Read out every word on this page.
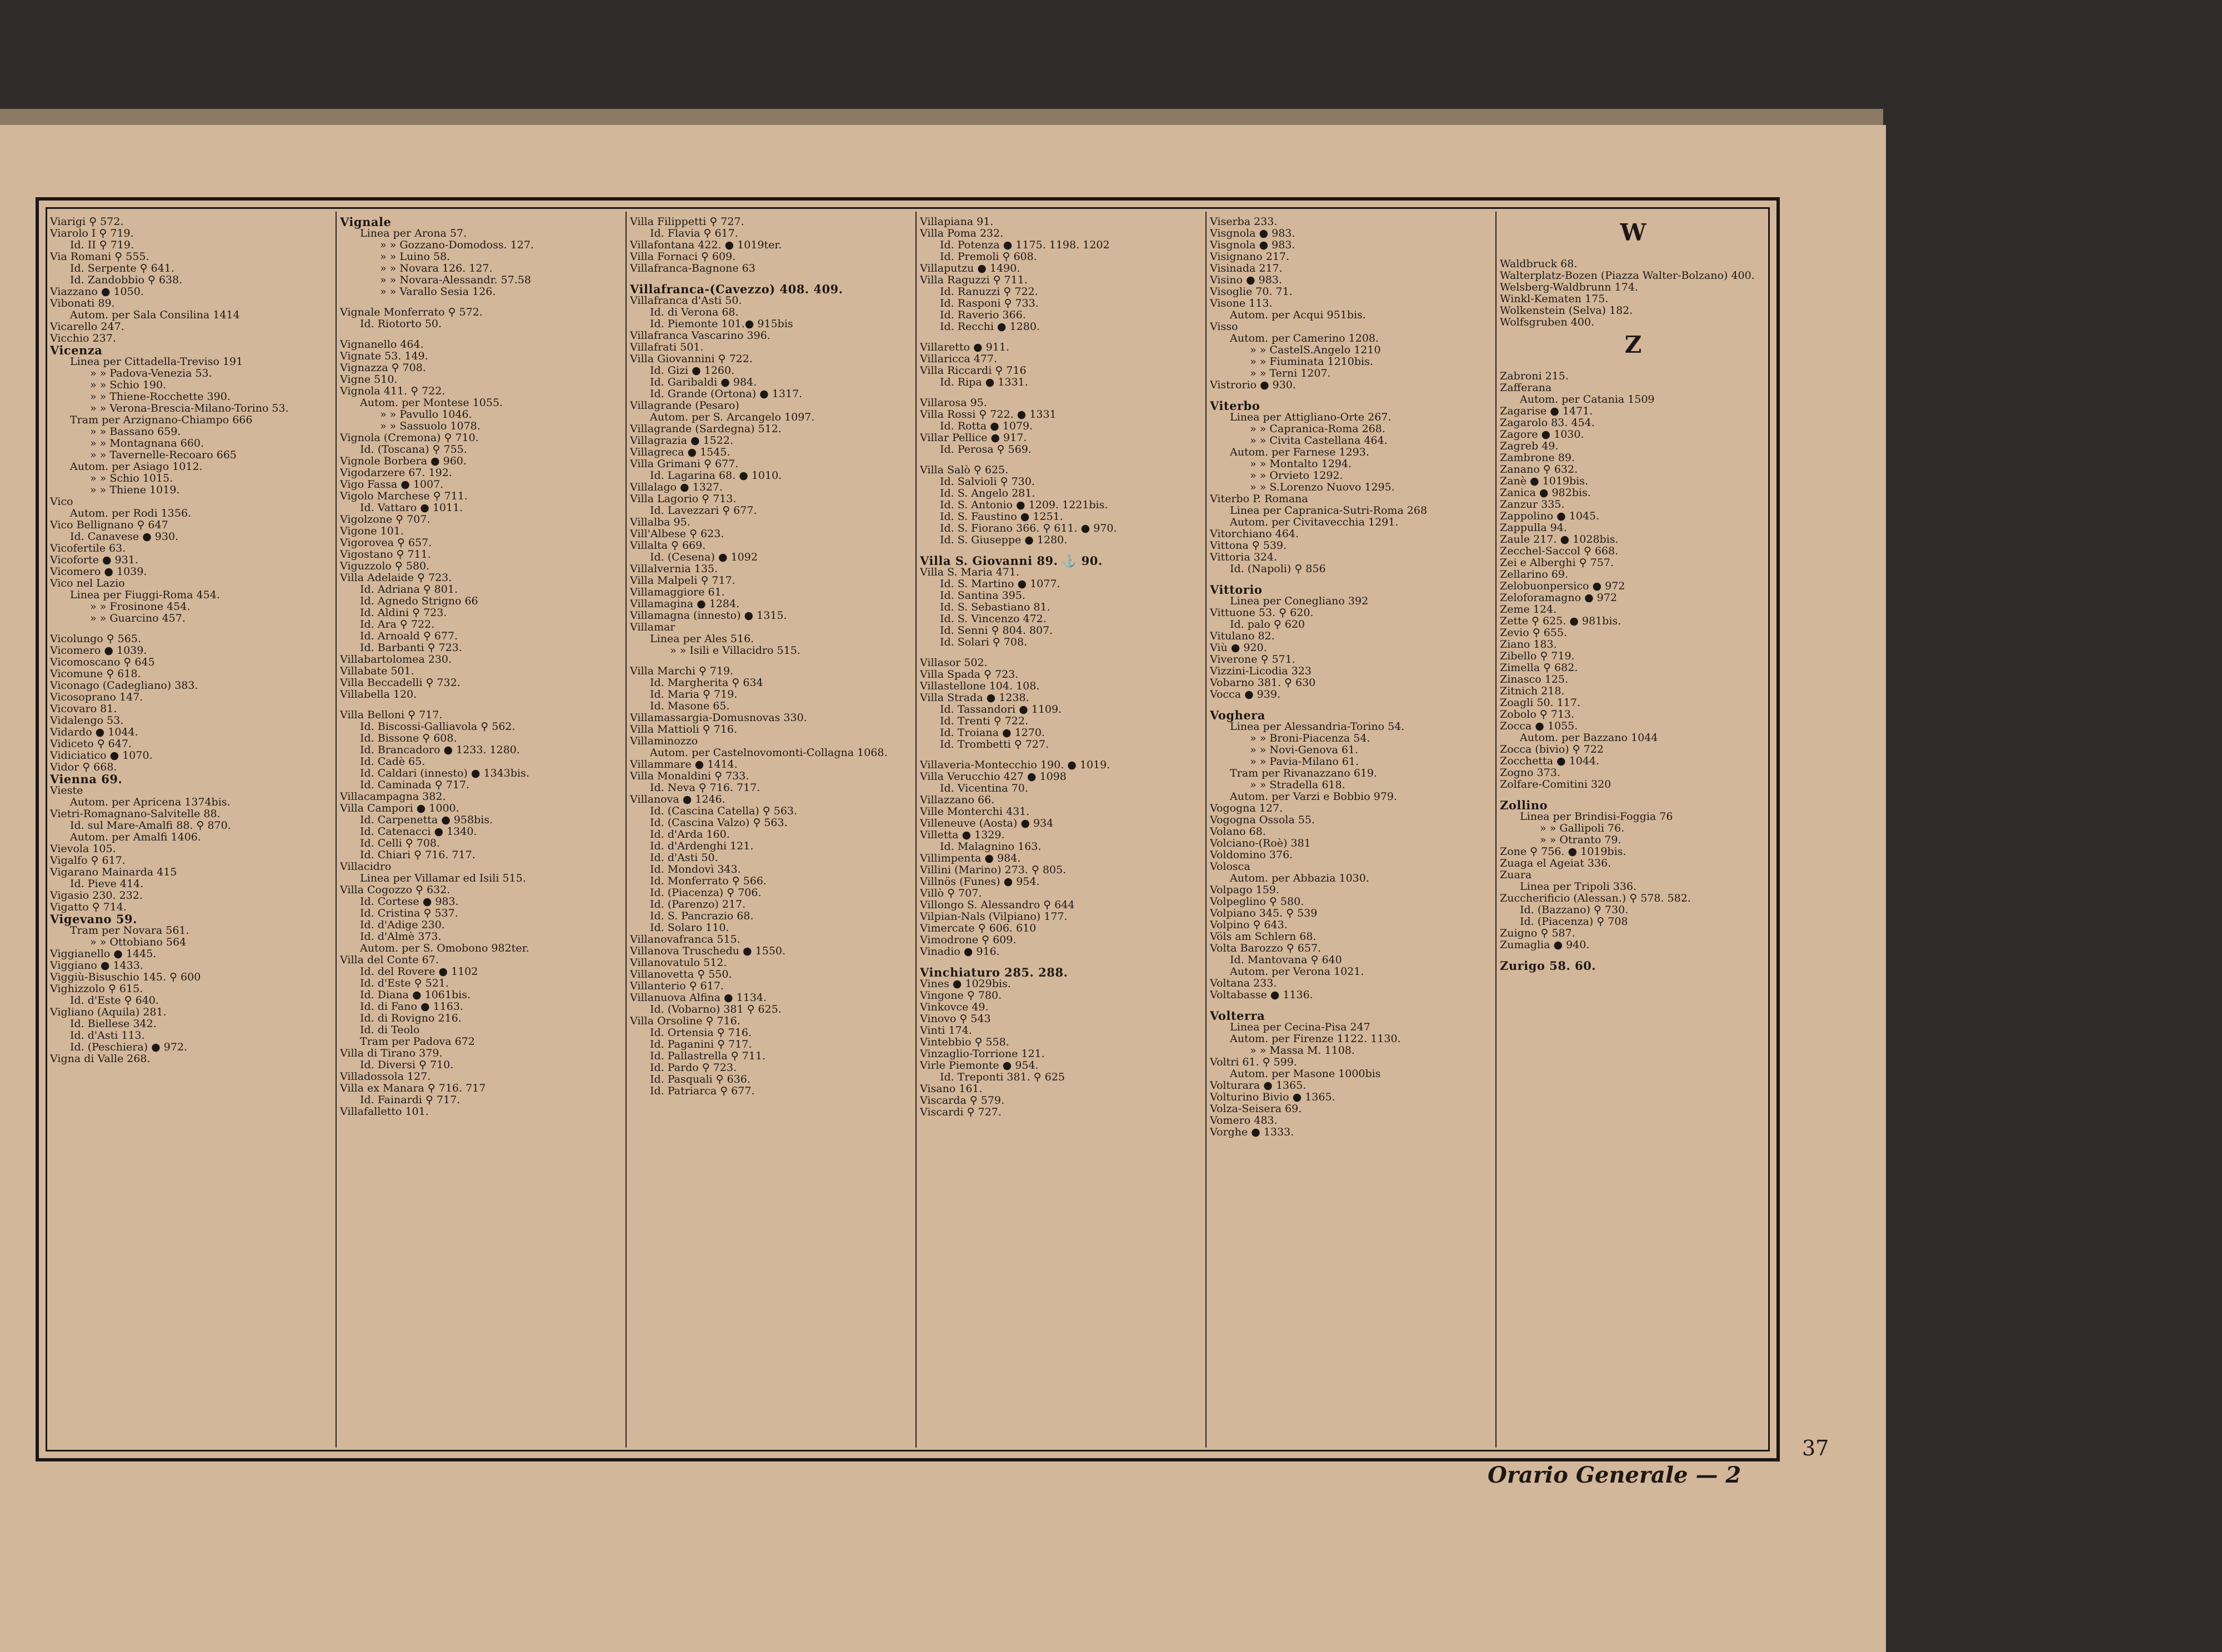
Viarigi ⚲ 572.
Viarolo I ⚲ 719.
Id. II ⚲ 719.
Via Romani ⚲ 555.
Id. Serpente ⚲ 641.
Id. Zandobbio ⚲ 638.
Viazzano ● 1050.
Vibonati 89.
Autom. per Sala Consilina 1414
Vicarello 247.
Vicchio 237.
Vicenza
Linea per Cittadella-Treviso 191
» » Padova-Venezia 53.
» » Schio 190.
» » Thiene-Rocchette 390.
» » Verona-Brescia-Milano-Torino 53.
Tram per Arzignano-Chiampo 666
» » Bassano 659.
» » Montagnana 660.
» » Tavernelle-Recoaro 665
Autom. per Asiago 1012.
» » Schio 1015.
» » Thiene 1019.
Vico
Autom. per Rodi 1356.
Vico Bellignano ⚲ 647
Id. Canavese ● 930.
Vicofertile 63.
Vicoforte ● 931.
Vicomero ● 1039.
Vico nel Lazio
Linea per Fiuggi-Roma 454.
» » Frosinone 454.
» » Guarcino 457.
Vicolungo ⚲ 565.
Vicomero ● 1039.
Vicomoscano ⚲ 645
Vicomune ⚲ 618.
Viconago (Cadegliano) 383.
Vicosoprano 147.
Vicovaro 81.
Vidalengo 53.
Vidardo ● 1044.
Vidiceto ⚲ 647.
Vidiciatico ● 1070.
Vidor ⚲ 668.
Vienna 69.
Vieste
Autom. per Apricena 1374bis.
Vietri-Romagnano-Salvitelle 88.
Id. sul Mare-Amalfi 88. ⚲ 870.
Autom. per Amalfi 1406.
Vievola 105.
Vigalfo ⚲ 617.
Vigarano Mainarda 415
Id. Pieve 414.
Vigasio 230. 232.
Vigatto ⚲ 714.
Vigevano 59.
Tram per Novara 561.
» » Ottobiano 564
Viggianello ● 1445.
Viggiano ● 1433.
Viggiù-Bisuschio 145. ⚲ 600
Vighizzolo ⚲ 615.
Id. d'Este ⚲ 640.
Vigliano (Aquila) 281.
Id. Biellese 342.
Id. d'Asti 113.
Id. (Peschiera) ● 972.
Vigna di Valle 268.
Vignale
Linea per Arona 57.
» » Gozzano-Domodoss. 127.
» » Luino 58.
» » Novara 126. 127.
» » Novara-Alessandr. 57.58
» » Varallo Sesia 126.
Vignale Monferrato ⚲ 572.
Id. Riotorto 50.
Vignanello 464.
Vignate 53. 149.
Vignazza ⚲ 708.
Vigne 510.
Vignola 411. ⚲ 722.
Autom. per Montese 1055.
» » Pavullo 1046.
» » Sassuolo 1078.
Vignola (Cremona) ⚲ 710.
Id. (Toscana) ⚲ 755.
Vignole Borbera ● 960.
Vigodarzere 67. 192.
Vigo Fassa ● 1007.
Vigolo Marchese ⚲ 711.
Id. Vattaro ● 1011.
Vigolzone ⚲ 707.
Vigone 101.
Vigorovea ⚲ 657.
Vigostano ⚲ 711.
Viguzzolo ⚲ 580.
Villa Adelaide ⚲ 723.
Id. Adriana ⚲ 801.
Id. Agnedo Strigno 66
Id. Aldini ⚲ 723.
Id. Ara ⚲ 722.
Id. Arnoald ⚲ 677.
Id. Barbanti ⚲ 723.
Villabartolomea 230.
Villabate 501.
Villa Beccadelli ⚲ 732.
Villabella 120.
Villa Belloni ⚲ 717.
Id. Biscossi-Galliavola ⚲ 562.
Id. Bissone ⚲ 608.
Id. Brancadoro ● 1233. 1280.
Id. Cadè 65.
Id. Caldari (innesto) ● 1343bis.
Id. Caminada ⚲ 717.
Villacampagna 382.
Villa Campori ● 1000.
Id. Carpenetta ● 958bis.
Id. Catenacci ● 1340.
Id. Celli ⚲ 708.
Id. Chiari ⚲ 716. 717.
Villacidro
Linea per Villamar ed Isili 515.
Villa Cogozzo ⚲ 632.
Id. Cortese ● 983.
Id. Cristina ⚲ 537.
Id. d'Adige 230.
Id. d'Almè 373.
Autom. per S. Omobono 982ter.
Villa del Conte 67.
Id. del Rovere ● 1102
Id. d'Este ⚲ 521.
Id. Diana ● 1061bis.
Id. di Fano ● 1163.
Id. di Rovigno 216.
Id. di Teolo
Tram per Padova 672
Villa di Tirano 379.
Id. Diversi ⚲ 710.
Villadossola 127.
Villa ex Manara ⚲ 716. 717
Id. Fainardi ⚲ 717.
Villafalletto 101.
Villa Filippetti ⚲ 727.
Id. Flavia ⚲ 617.
Villafontana 422. ● 1019ter.
Villa Fornaci ⚲ 609.
Villafranca-Bagnone 63
Villafranca-(Cavezzo) 408. 409.
Villafranca d'Asti 50.
Id. di Verona 68.
Id. Piemonte 101.● 915bis
Villafranca Vascarino 396.
Villafrati 501.
Villa Giovannini ⚲ 722.
Id. Gizi ● 1260.
Id. Garibaldi ● 984.
Id. Grande (Ortona) ● 1317.
Villagrande (Pesaro)
Autom. per S. Arcangelo 1097.
Villagrande (Sardegna) 512.
Villagrazia ● 1522.
Villagreca ● 1545.
Villa Grimani ⚲ 677.
Id. Lagarina 68. ● 1010.
Villalago ● 1327.
Villa Lagorio ⚲ 713.
Id. Lavezzari ⚲ 677.
Villalba 95.
Vill'Albese ⚲ 623.
Villalta ⚲ 669.
Id. (Cesena) ● 1092
Villalvernia 135.
Villa Malpeli ⚲ 717.
Villamaggiore 61.
Villamagina ● 1284.
Villamagna (innesto) ● 1315.
Villamar
Linea per Ales 516.
» » Isili e Villacidro 515.
Villa Marchi ⚲ 719.
Id. Margherita ⚲ 634
Id. Maria ⚲ 719.
Id. Masone 65.
Villamassargia-Domusnovas 330.
Villa Mattioli ⚲ 716.
Villaminozzo
Autom. per Castelnovomonti-Collagna 1068.
Villammare ● 1414.
Villa Monaldini ⚲ 733.
Id. Neva ⚲ 716. 717.
Villanova ● 1246.
Id. (Cascina Catella) ⚲ 563.
Id. (Cascina Valzo) ⚲ 563.
Id. d'Arda 160.
Id. d'Ardenghi 121.
Id. d'Asti 50.
Id. Mondovì 343.
Id. Monferrato ⚲ 566.
Id. (Piacenza) ⚲ 706.
Id. (Parenzo) 217.
Id. S. Pancrazio 68.
Id. Solaro 110.
Villanovafranca 515.
Villanova Truschedu ● 1550.
Villanovatulo 512.
Villanovetta ⚲ 550.
Villanterio ⚲ 617.
Villanuova Alfina ● 1134.
Id. (Vobarno) 381 ⚲ 625.
Villa Orsoline ⚲ 716.
Id. Ortensia ⚲ 716.
Id. Paganini ⚲ 717.
Id. Pallastrella ⚲ 711.
Id. Pardo ⚲ 723.
Id. Pasquali ⚲ 636.
Id. Patriarca ⚲ 677.
Villapiana 91.
Villa Poma 232.
Id. Potenza ● 1175. 1198. 1202
Id. Premoli ⚲ 608.
Villaputzu ● 1490.
Villa Raguzzi ⚲ 711.
Id. Ranuzzi ⚲ 722.
Id. Rasponi ⚲ 733.
Id. Raverio 366.
Id. Recchi ● 1280.
Villaretto ● 911.
Villaricca 477.
Villa Riccardi ⚲ 716
Id. Ripa ● 1331.
Villarosa 95.
Villa Rossi ⚲ 722. ● 1331
Id. Rotta ● 1079.
Villar Pellice ● 917.
Id. Perosa ⚲ 569.
Villa Salò ⚲ 625.
Id. Salvioli ⚲ 730.
Id. S. Angelo 281.
Id. S. Antonio ● 1209. 1221bis.
Id. S. Faustino ● 1251.
Id. S. Fiorano 366. ⚲ 611. ● 970.
Id. S. Giuseppe ● 1280.
Villa S. Giovanni 89. ⚓ 90.
Villa S. Maria 471.
Id. S. Martino ● 1077.
Id. Santina 395.
Id. S. Sebastiano 81.
Id. S. Vincenzo 472.
Id. Senni ⚲ 804. 807.
Id. Solari ⚲ 708.
Villasor 502.
Villa Spada ⚲ 723.
Villastellone 104. 108.
Villa Strada ● 1238.
Id. Tassandori ● 1109.
Id. Trenti ⚲ 722.
Id. Troiana ● 1270.
Id. Trombetti ⚲ 727.
Villaveria-Montecchio 190. ● 1019.
Villa Verucchio 427 ● 1098
Id. Vicentina 70.
Villazzano 66.
Ville Monterchi 431.
Villeneuve (Aosta) ● 934
Villetta ● 1329.
Id. Malagnino 163.
Villimpenta ● 984.
Villini (Marino) 273. ⚲ 805.
Villnös (Funes) ● 954.
Villò ⚲ 707.
Villongo S. Alessandro ⚲ 644
Vilpian-Nals (Vilpiano) 177.
Vimercate ⚲ 606. 610
Vimodrone ⚲ 609.
Vinadio ● 916.
Vinchiaturo 285. 288.
Vines ● 1029bis.
Vingone ⚲ 780.
Vinkovce 49.
Vinovo ⚲ 543
Vinti 174.
Vintebbio ⚲ 558.
Vinzaglio-Torrione 121.
Virle Piemonte ● 954.
Id. Treponti 381. ⚲ 625
Visano 161.
Viscarda ⚲ 579.
Viscardi ⚲ 727.
Viserba 233.
Visgnola ● 983.
Visgnola ● 983.
Visignano 217.
Visinada 217.
Visino ● 983.
Visoglie 70. 71.
Visone 113.
Autom. per Acqui 951bis.
Visso
Autom. per Camerino 1208.
» » CastelS.Angelo 1210
» » Fiuminata 1210bis.
» » Terni 1207.
Vistrorio ● 930.
Viterbo
Linea per Attigliano-Orte 267.
» » Capranica-Roma 268.
» » Civita Castellana 464.
Autom. per Farnese 1293.
» » Montalto 1294.
» » Orvieto 1292.
» » S.Lorenzo Nuovo 1295.
Viterbo P. Romana
Linea per Capranica-Sutri-Roma 268
Autom. per Civitavecchia 1291.
Vitorchiano 464.
Vittona ⚲ 539.
Vittoria 324.
Id. (Napoli) ⚲ 856
Vittorio
Linea per Conegliano 392
Vittuone 53. ⚲ 620.
Id. palo ⚲ 620
Vitulano 82.
Viù ● 920.
Viverone ⚲ 571.
Vizzini-Licodia 323
Vobarno 381. ⚲ 630
Vocca ● 939.
Voghera
Linea per Alessandria-Torino 54.
» » Broni-Piacenza 54.
» » Novi-Genova 61.
» » Pavia-Milano 61.
Tram per Rivanazzano 619.
» » Stradella 618.
Autom. per Varzi e Bobbio 979.
Vogogna 127.
Vogogna Ossola 55.
Volano 68.
Volciano-(Roè) 381
Voldomino 376.
Volosca
Autom. per Abbazia 1030.
Volpago 159.
Volpeglino ⚲ 580.
Volpiano 345. ⚲ 539
Volpino ⚲ 643.
Völs am Schlern 68.
Volta Barozzo ⚲ 657.
Id. Mantovana ⚲ 640
Autom. per Verona 1021.
Voltana 233.
Voltabasse ● 1136.
Volterra
Linea per Cecina-Pisa 247
Autom. per Firenze 1122. 1130.
» » Massa M. 1108.
Voltri 61. ⚲ 599.
Autom. per Masone 1000bis
Volturara ● 1365.
Volturino Bivio ● 1365.
Volza-Seisera 69.
Vomero 483.
Vorghe ● 1333.
W
Waldbruck 68.
Walterplatz-Bozen (Piazza Walter-Bolzano) 400.
Welsberg-Waldbrunn 174.
Winkl-Kematen 175.
Wolkenstein (Selva) 182.
Wolfsgruben 400.
Z
Zabroni 215.
Zafferana
Autom. per Catania 1509
Zagarise ● 1471.
Zagarolo 83. 454.
Zagore ● 1030.
Zagreb 49.
Zambrone 89.
Zanano ⚲ 632.
Zanè ● 1019bis.
Zanica ● 982bis.
Zanzur 335.
Zappolino ● 1045.
Zappulla 94.
Zaule 217. ● 1028bis.
Zecchel-Saccol ⚲ 668.
Zei e Alberghi ⚲ 757.
Zellarino 69.
Zelobuonpersico ● 972
Zeloforamagno ● 972
Zeme 124.
Zette ⚲ 625. ● 981bis.
Zevio ⚲ 655.
Ziano 183.
Zibello ⚲ 719.
Zimella ⚲ 682.
Zinasco 125.
Zitnich 218.
Zoagli 50. 117.
Zobolo ⚲ 713.
Zocca ● 1055.
Autom. per Bazzano 1044
Zocca (bivio) ⚲ 722
Zocchetta ● 1044.
Zogno 373.
Zolfare-Comitini 320
Zollino
Linea per Brindisi-Foggia 76
» » Gallipoli 76.
» » Otranto 79.
Zone ⚲ 756. ● 1019bis.
Zuaga el Ageiat 336.
Zuara
Linea per Tripoli 336.
Zuccherificio (Alessan.) ⚲ 578. 582.
Id. (Bazzano) ⚲ 730.
Id. (Piacenza) ⚲ 708
Zuigno ⚲ 587.
Zumaglia ● 940.
Zurigo 58. 60.
37
Orario Generale — 2
